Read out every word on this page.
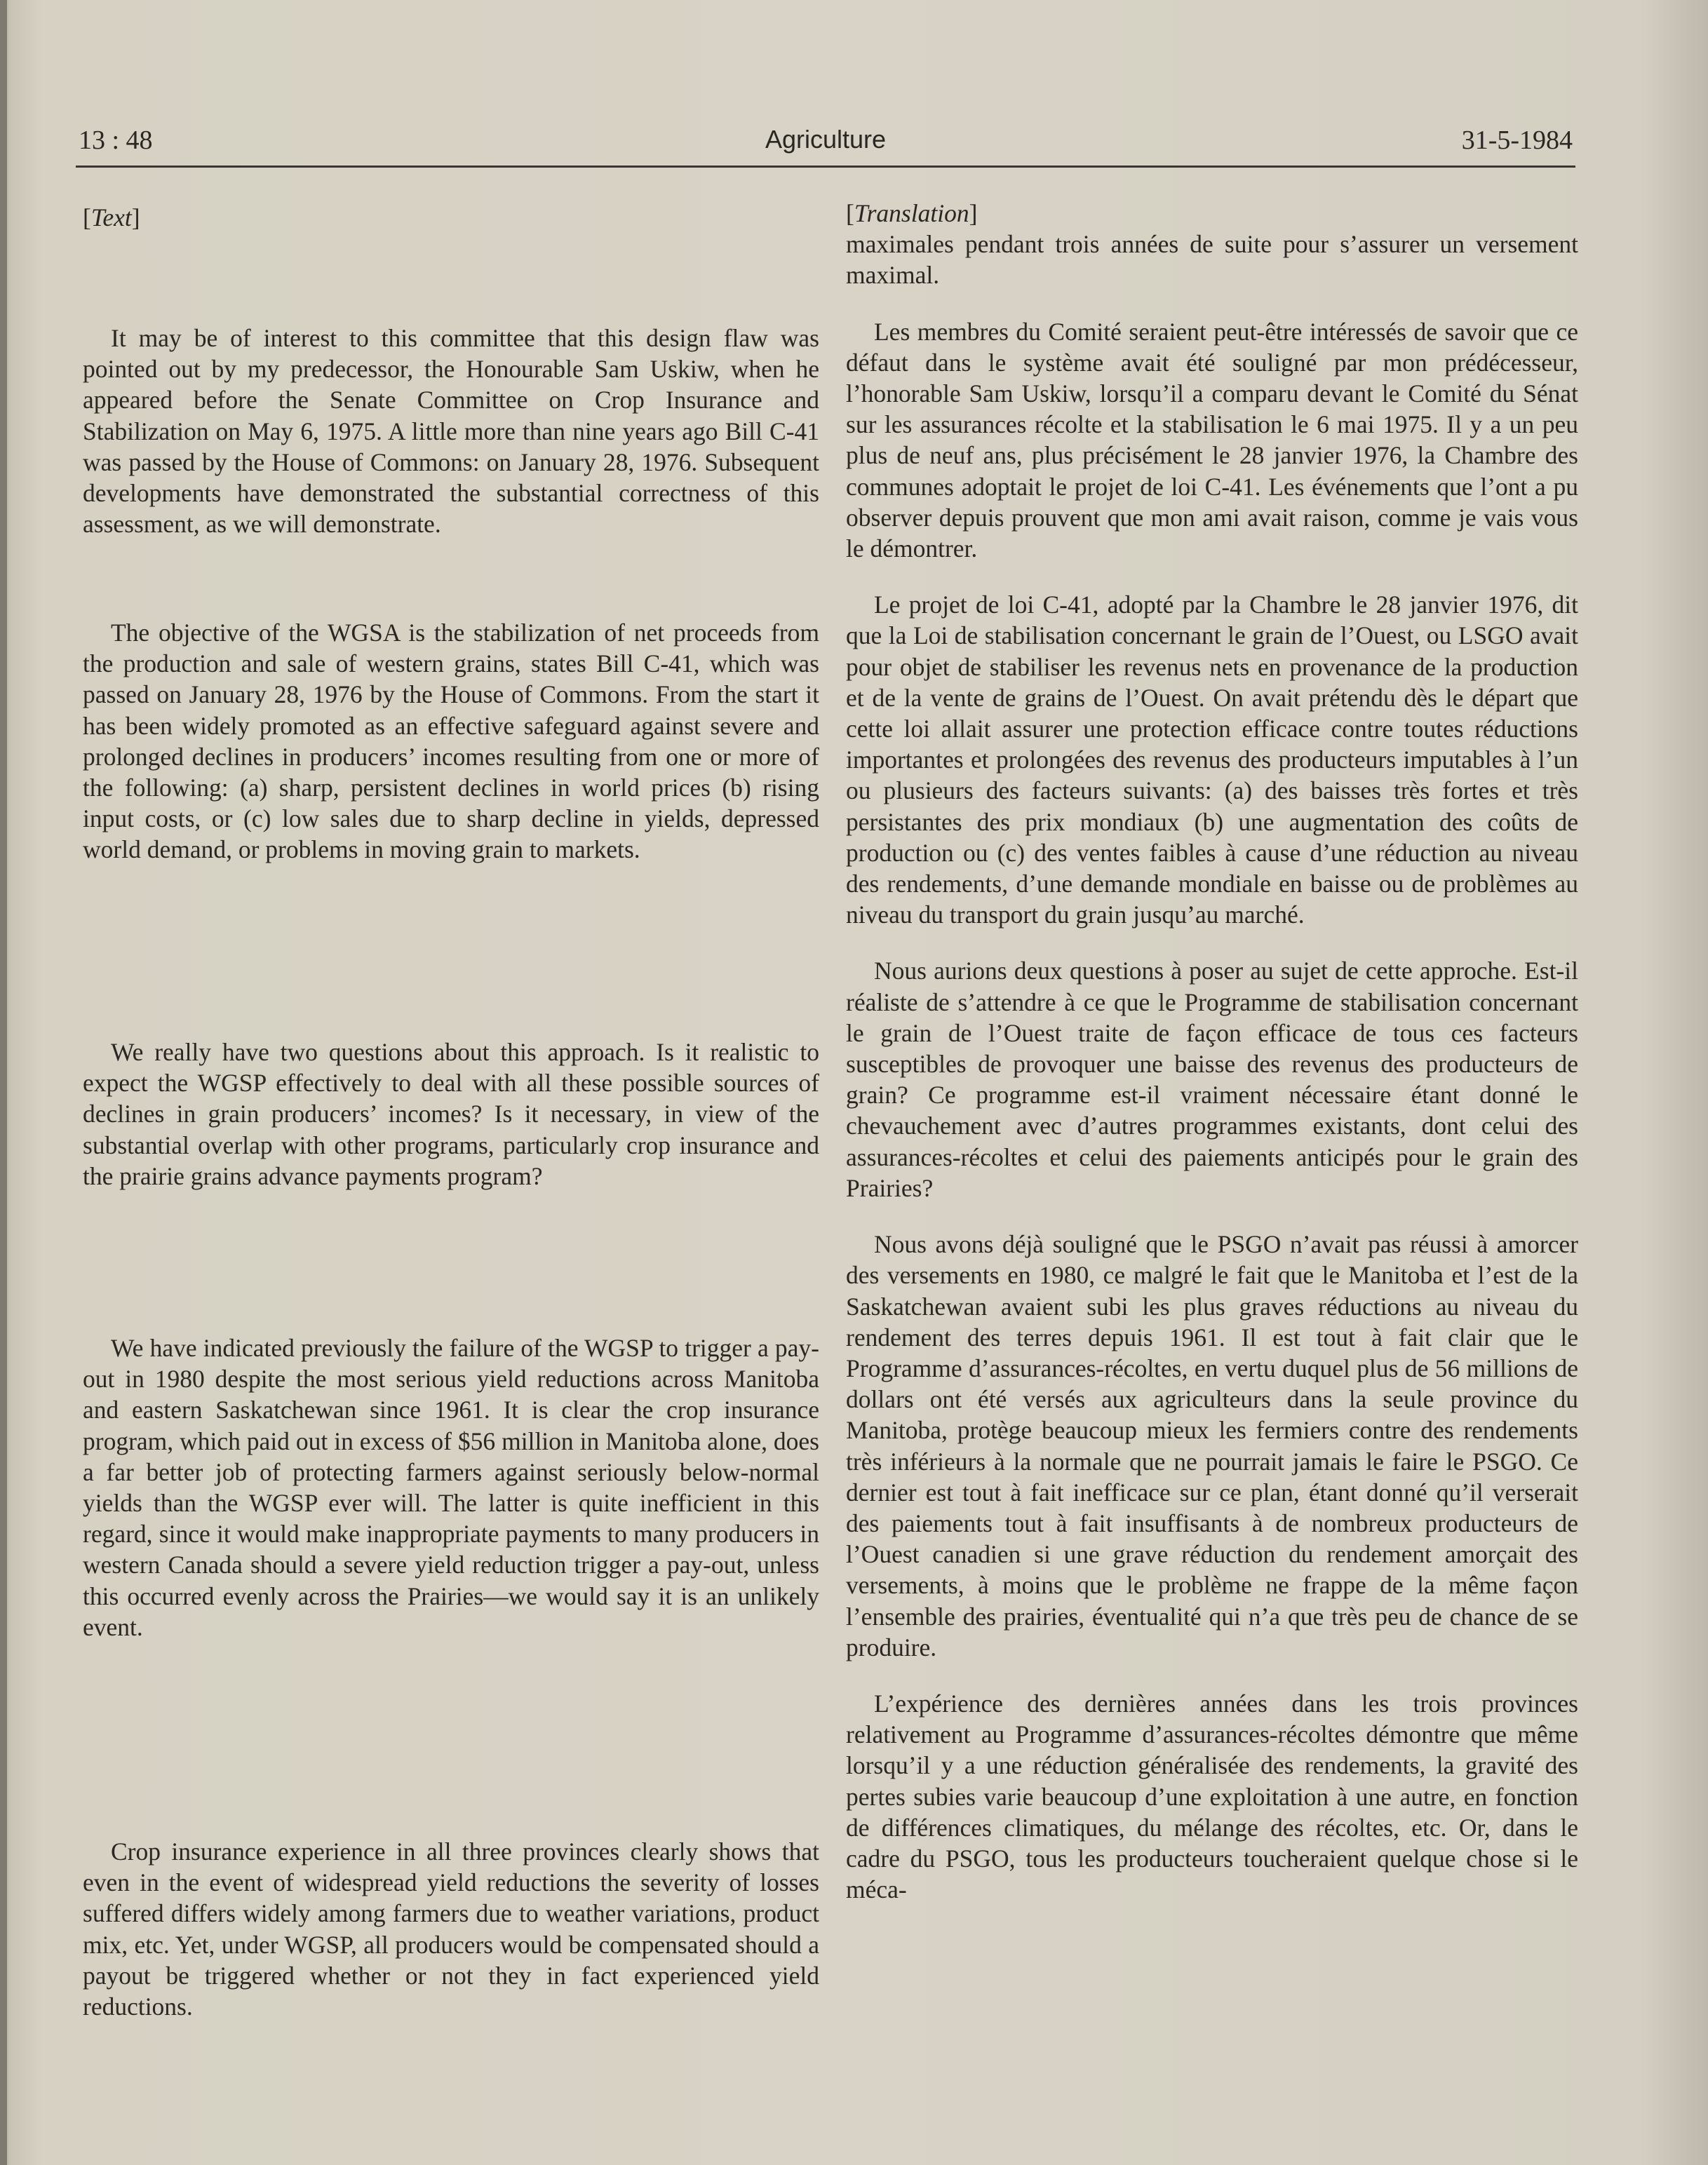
13 : 48	Agriculture	31-5-1984
[Text]

It may be of interest to this committee that this design flaw was pointed out by my predecessor, the Honourable Sam Uskiw, when he appeared before the Senate Committee on Crop Insurance and Stabilization on May 6, 1975. A little more than nine years ago Bill C-41 was passed by the House of Commons: on January 28, 1976. Subsequent developments have demonstrated the substantial correctness of this assessment, as we will demonstrate.

The objective of the WGSA is the stabilization of net proceeds from the production and sale of western grains, states Bill C-41, which was passed on January 28, 1976 by the House of Commons. From the start it has been widely promoted as an effective safeguard against severe and prolonged declines in producers’ incomes resulting from one or more of the following: (a) sharp, persistent declines in world prices (b) rising input costs, or (c) low sales due to sharp decline in yields, depressed world demand, or problems in moving grain to markets.

We really have two questions about this approach. Is it realistic to expect the WGSP effectively to deal with all these possible sources of declines in grain producers’ incomes? Is it necessary, in view of the substantial overlap with other programs, particularly crop insurance and the prairie grains advance payments program?

We have indicated previously the failure of the WGSP to trigger a pay-out in 1980 despite the most serious yield reductions across Manitoba and eastern Saskatchewan since 1961. It is clear the crop insurance program, which paid out in excess of $56 million in Manitoba alone, does a far better job of protecting farmers against seriously below-normal yields than the WGSP ever will. The latter is quite inefficient in this regard, since it would make inappropriate payments to many producers in western Canada should a severe yield reduction trigger a pay-out, unless this occurred evenly across the Prairies—we would say it is an unlikely event.

Crop insurance experience in all three provinces clearly shows that even in the event of widespread yield reductions the severity of losses suffered differs widely among farmers due to weather variations, product mix, etc. Yet, under WGSP, all producers would be compensated should a payout be triggered whether or not they in fact experienced yield reductions.

[Translation]

maximales pendant trois années de suite pour s’assurer un versement maximal.

Les membres du Comité seraient peut-être intéressés de savoir que ce défaut dans le système avait été souligné par mon prédécesseur, l’honorable Sam Uskiw, lorsqu’il a comparu devant le Comité du Sénat sur les assurances récolte et la stabilisation le 6 mai 1975. Il y a un peu plus de neuf ans, plus précisément le 28 janvier 1976, la Chambre des communes adoptait le projet de loi C-41. Les événements que l’ont a pu observer depuis prouvent que mon ami avait raison, comme je vais vous le démontrer.

Le projet de loi C-41, adopté par la Chambre le 28 janvier 1976, dit que la Loi de stabilisation concernant le grain de l’Ouest, ou LSGO avait pour objet de stabiliser les revenus nets en provenance de la production et de la vente de grains de l’Ouest. On avait prétendu dès le départ que cette loi allait assurer une protection efficace contre toutes réductions importantes et prolongées des revenus des producteurs imputables à l’un ou plusieurs des facteurs suivants: (a) des baisses très fortes et très persistantes des prix mondiaux (b) une augmentation des coûts de production ou (c) des ventes faibles à cause d’une réduction au niveau des rendements, d’une demande mondiale en baisse ou de problèmes au niveau du transport du grain jusqu’au marché.

Nous aurions deux questions à poser au sujet de cette approche. Est-il réaliste de s’attendre à ce que le Programme de stabilisation concernant le grain de l’Ouest traite de façon efficace de tous ces facteurs susceptibles de provoquer une baisse des revenus des producteurs de grain? Ce programme est-il vraiment nécessaire étant donné le chevauchement avec d’autres programmes existants, dont celui des assurances-récoltes et celui des paiements anticipés pour le grain des Prairies?

Nous avons déjà souligné que le PSGO n’avait pas réussi à amorcer des versements en 1980, ce malgré le fait que le Manitoba et l’est de la Saskatchewan avaient subi les plus graves réductions au niveau du rendement des terres depuis 1961. Il est tout à fait clair que le Programme d’assurances-récoltes, en vertu duquel plus de 56 millions de dollars ont été versés aux agriculteurs dans la seule province du Manitoba, protège beaucoup mieux les fermiers contre des rendements très inférieurs à la normale que ne pourrait jamais le faire le PSGO. Ce dernier est tout à fait inefficace sur ce plan, étant donné qu’il verserait des paiements tout à fait insuffisants à de nombreux producteurs de l’Ouest canadien si une grave réduction du rendement amorçait des versements, à moins que le problème ne frappe de la même façon l’ensemble des prairies, éventualité qui n’a que très peu de chance de se produire.

L’expérience des dernières années dans les trois provinces relativement au Programme d’assurances-récoltes démontre que même lorsqu’il y a une réduction généralisée des rendements, la gravité des pertes subies varie beaucoup d’une exploitation à une autre, en fonction de différences climatiques, du mélange des récoltes, etc. Or, dans le cadre du PSGO, tous les producteurs toucheraient quelque chose si le méca-
